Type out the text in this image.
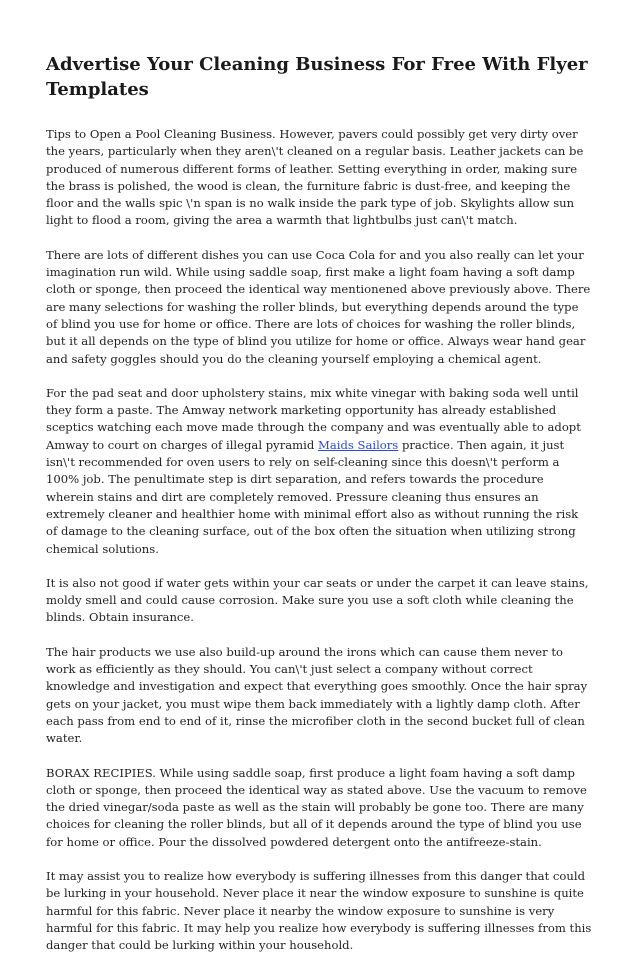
Advertise Your Cleaning Business For Free With Flyer Templates

Tips to Open a Pool Cleaning Business. However, pavers could possibly get very dirty over the years, particularly when they aren\'t cleaned on a regular basis. Leather jackets can be produced of numerous different forms of leather. Setting everything in order, making sure the brass is polished, the wood is clean, the furniture fabric is dust-free, and keeping the floor and the walls spic \'n span is no walk inside the park type of job. Skylights allow sun light to flood a room, giving the area a warmth that lightbulbs just can\'t match.

There are lots of different dishes you can use Coca Cola for and you also really can let your imagination run wild. While using saddle soap, first make a light foam having a soft damp cloth or sponge, then proceed the identical way mentionened above previously above. There are many selections for washing the roller blinds, but everything depends around the type of blind you use for home or office. There are lots of choices for washing the roller blinds, but it all depends on the type of blind you utilize for home or office. Always wear hand gear and safety goggles should you do the cleaning yourself employing a chemical agent.

For the pad seat and door upholstery stains, mix white vinegar with baking soda well until they form a paste. The Amway network marketing opportunity has already established sceptics watching each move made through the company and was eventually able to adopt Amway to court on charges of illegal pyramid Maids Sailors practice. Then again, it just isn\'t recommended for oven users to rely on self-cleaning since this doesn\'t perform a 100% job. The penultimate step is dirt separation, and refers towards the procedure wherein stains and dirt are completely removed. Pressure cleaning thus ensures an extremely cleaner and healthier home with minimal effort also as without running the risk of damage to the cleaning surface, out of the box often the situation when utilizing strong chemical solutions.

It is also not good if water gets within your car seats or under the carpet it can leave stains, moldy smell and could cause corrosion. Make sure you use a soft cloth while cleaning the blinds. Obtain insurance.

The hair products we use also build-up around the irons which can cause them never to work as efficiently as they should. You can\'t just select a company without correct knowledge and investigation and expect that everything goes smoothly. Once the hair spray gets on your jacket, you must wipe them back immediately with a lightly damp cloth. After each pass from end to end of it, rinse the microfiber cloth in the second bucket full of clean water.

BORAX RECIPIES. While using saddle soap, first produce a light foam having a soft damp cloth or sponge, then proceed the identical way as stated above. Use the vacuum to remove the dried vinegar/soda paste as well as the stain will probably be gone too. There are many choices for cleaning the roller blinds, but all of it depends around the type of blind you use for home or office. Pour the dissolved powdered detergent onto the antifreeze-stain.

It may assist you to realize how everybody is suffering illnesses from this danger that could be lurking in your household. Never place it near the window exposure to sunshine is quite harmful for this fabric. Never place it nearby the window exposure to sunshine is very harmful for this fabric. It may help you realize how everybody is suffering illnesses from this danger that could be lurking within your household.
